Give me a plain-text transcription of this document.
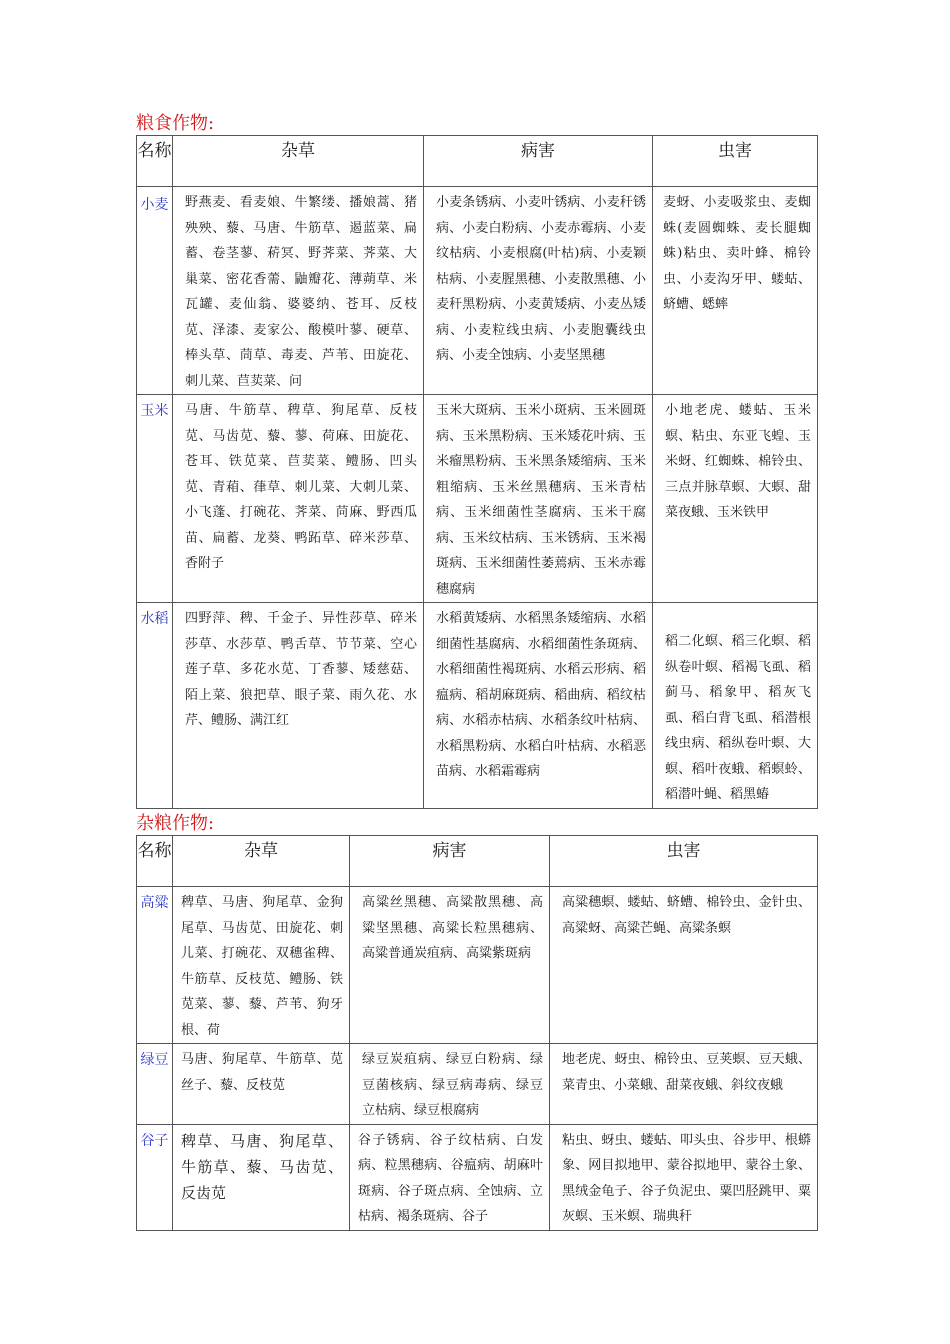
粮食作物:
名称	杂草	病害	虫害
小麦	野燕麦、看麦娘、牛繁缕、播娘蒿、猪殃殃、藜、马唐、牛筋草、遏蓝菜、扁蓄、卷茎蓼、菥冥、野荠菜、荠菜、大巢菜、密花香薷、鼬瓣花、薄蒴草、米瓦罐、麦仙翁、婆婆纳、苍耳、反枝苋、泽漆、麦家公、酸模叶蓼、硬草、棒头草、茼草、毒麦、芦苇、田旋花、刺儿菜、苣荬菜、问	小麦条锈病、小麦叶锈病、小麦秆锈病、小麦白粉病、小麦赤霉病、小麦纹枯病、小麦根腐(叶枯)病、小麦颖枯病、小麦腥黑穗、小麦散黑穗、小麦秆黑粉病、小麦黄矮病、小麦丛矮病、小麦粒线虫病、小麦胞囊线虫病、小麦全蚀病、小麦坚黑穗	麦蚜、小麦吸浆虫、麦蜘蛛(麦圆蜘蛛、麦长腿蜘蛛)粘虫、卖叶蜂、棉铃虫、小麦沟牙甲、蝼蛄、蛴螬、蟋蟀
玉米	马唐、牛筋草、稗草、狗尾草、反枝苋、马齿苋、藜、蓼、荷麻、田旋花、苍耳、铁苋菜、苣荬菜、鳢肠、凹头苋、青葙、葎草、刺儿菜、大刺儿菜、小飞蓬、打碗花、荠菜、苘麻、野西瓜苗、扁蓄、龙葵、鸭跖草、碎米莎草、香附子	玉米大斑病、玉米小斑病、玉米圆斑病、玉米黑粉病、玉米矮花叶病、玉米瘤黑粉病、玉米黑条矮缩病、玉米粗缩病、玉米丝黑穗病、玉米青枯病、玉米细菌性茎腐病、玉米干腐病、玉米纹枯病、玉米锈病、玉米褐斑病、玉米细菌性萎蔫病、玉米赤霉穗腐病	小地老虎、蝼蛄、玉米螟、粘虫、东亚飞蝗、玉米蚜、红蜘蛛、棉铃虫、三点并脉草螟、大螟、甜菜夜蛾、玉米铁甲
水稻	四野萍、稗、千金子、异性莎草、碎米莎草、水莎草、鸭舌草、节节菜、空心莲子草、多花水苋、丁香蓼、矮慈菇、陌上菜、狼把草、眼子菜、雨久花、水芹、鳢肠、满江红	水稻黄矮病、水稻黑条矮缩病、水稻细菌性基腐病、水稻细菌性条斑病、水稻细菌性褐斑病、水稻云形病、稻瘟病、稻胡麻斑病、稻曲病、稻纹枯病、水稻赤枯病、水稻条纹叶枯病、水稻黑粉病、水稻白叶枯病、水稻恶苗病、水稻霜霉病	稻二化螟、稻三化螟、稻纵卷叶螟、稻褐飞虱、稻蓟马、稻象甲、稻灰飞虱、稻白背飞虱、稻潜根线虫病、稻纵卷叶螟、大螟、稻叶夜蛾、稻螟蛉、稻潜叶蝇、稻黑蝽
杂粮作物:
名称	杂草	病害	虫害
高粱	稗草、马唐、狗尾草、金狗尾草、马齿苋、田旋花、刺儿菜、打碗花、双穗雀稗、牛筋草、反枝苋、鳢肠、铁苋菜、蓼、藜、芦苇、狗牙根、荷	高粱丝黑穗、高粱散黑穗、高粱坚黑穗、高粱长粒黑穗病、高粱普通炭疽病、高粱紫斑病	高粱穗螟、蝼蛄、蛴螬、棉铃虫、金针虫、高粱蚜、高粱芒蝇、高粱条螟
绿豆	马唐、狗尾草、牛筋草、苋丝子、藜、反枝苋	绿豆炭疽病、绿豆白粉病、绿豆菌核病、绿豆病毒病、绿豆立枯病、绿豆根腐病	地老虎、蚜虫、棉铃虫、豆荚螟、豆天蛾、菜青虫、小菜蛾、甜菜夜蛾、斜纹夜蛾
谷子	稗草、马唐、狗尾草、牛筋草、藜、马齿苋、反齿苋	谷子锈病、谷子纹枯病、白发病、粒黑穗病、谷瘟病、胡麻叶斑病、谷子斑点病、全蚀病、立枯病、褐条斑病、谷子	粘虫、蚜虫、蝼蛄、叩头虫、谷步甲、根蟒象、网目拟地甲、蒙谷拟地甲、蒙谷土象、黑绒金龟子、谷子负泥虫、粟凹胫跳甲、粟灰螟、玉米螟、瑞典秆
